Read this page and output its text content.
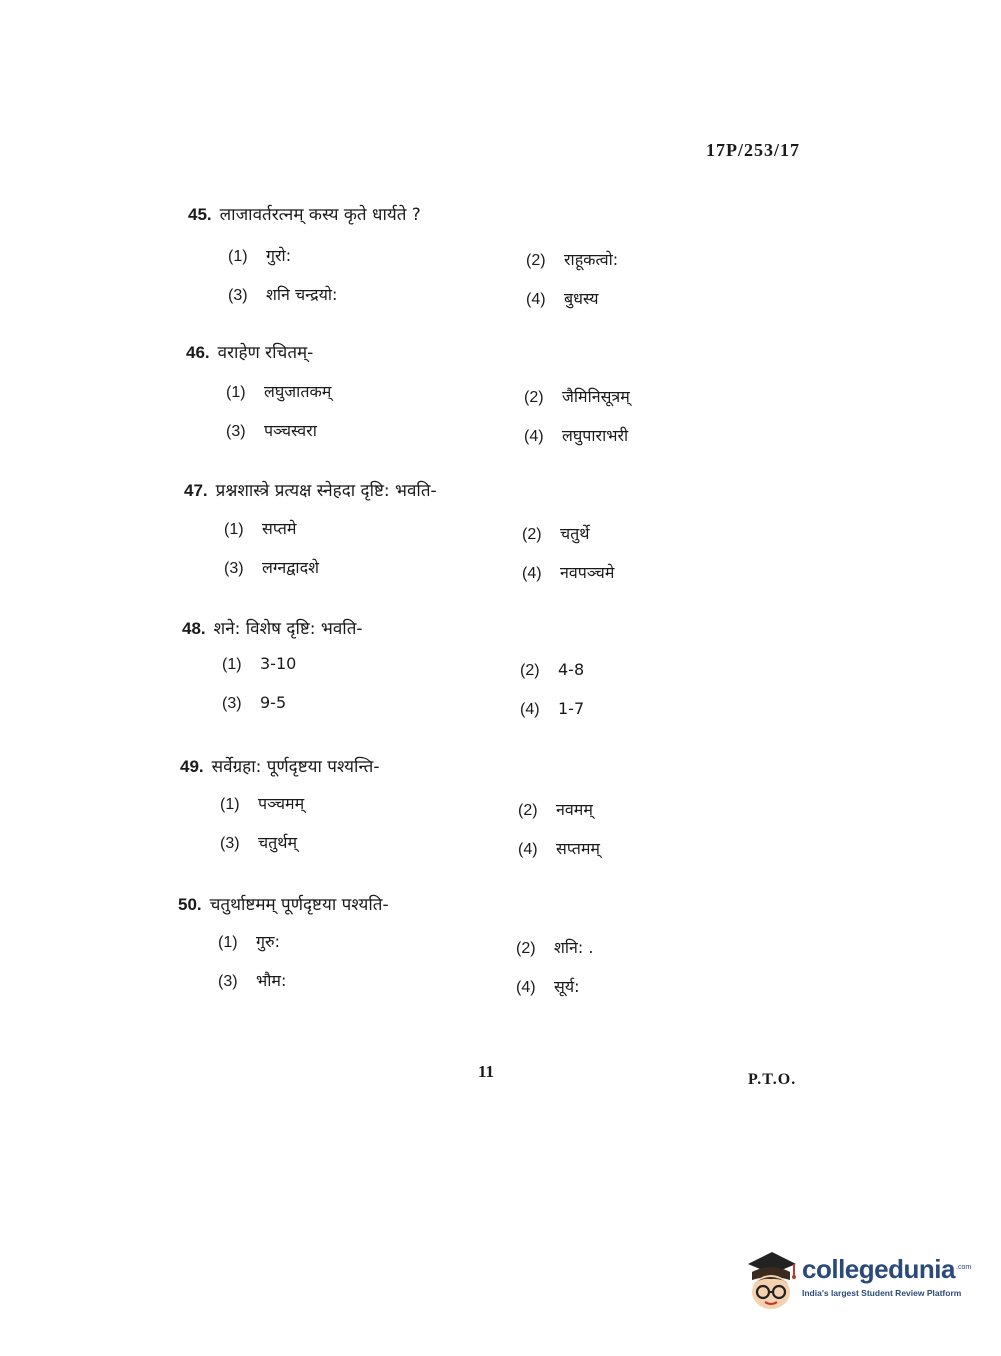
17P/253/17
45. लाजावर्तरत्नम् कस्य कृते धार्यते ?
(1) गुरो:	(2) राहूकत्वो:
(3) शनि चन्द्रयो:	(4) बुधस्य
46. वराहेण रचितम्-
(1) लघुजातकम्	(2) जैमिनिसूत्रम्
(3) पञ्चस्वरा	(4) लघुपाराभरी
47. प्रश्नशास्त्रे प्रत्यक्ष स्नेहदा दृष्टि: भवति-
(1) सप्तमे	(2) चतुर्थे
(3) लग्नद्वादशे	(4) नवपञ्चमे
48. शने: विशेष दृष्टि: भवति-
(1) 3-10	(2) 4-8
(3) 9-5	(4) 1-7
49. सर्वेग्रहा: पूर्णदृष्टया पश्यन्ति-
(1) पञ्चमम्	(2) नवमम्
(3) चतुर्थम्	(4) सप्तमम्
50. चतुर्थाष्टमम् पूर्णदृष्टया पश्यति-
(1) गुरु:	(2) शनि: .
(3) भौम:	(4) सूर्य:
11	P.T.O.
collegedunia .com
India's largest Student Review Platform
